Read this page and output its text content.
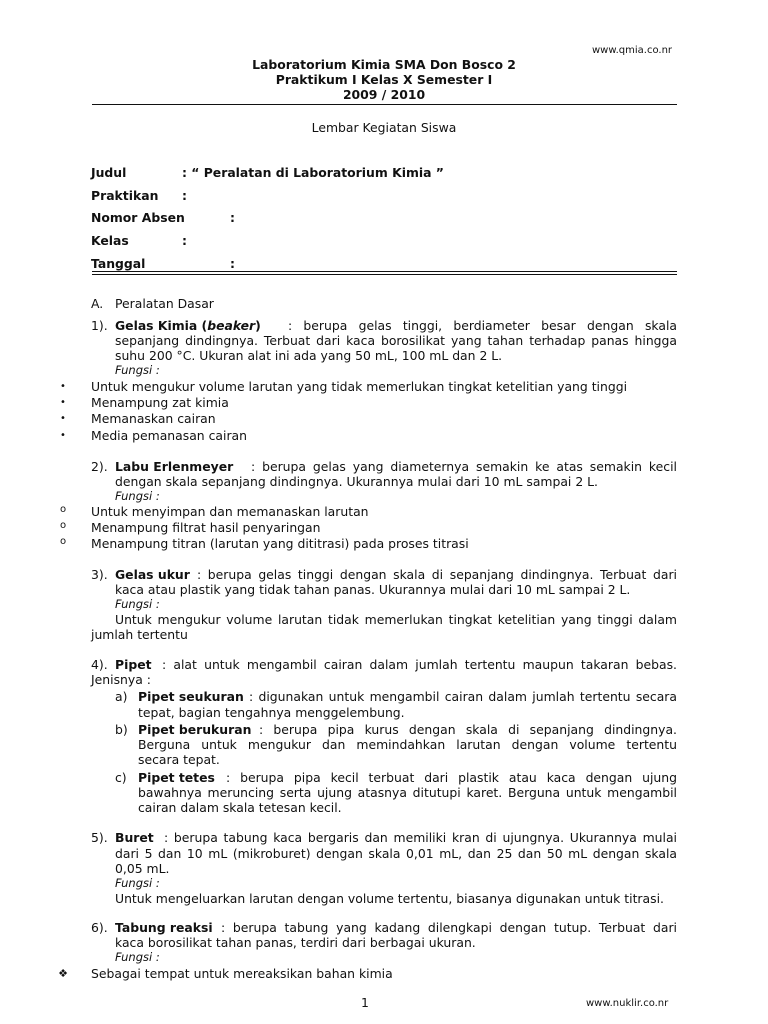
www.qmia.co.nr
Laboratorium Kimia SMA Don Bosco 2
Praktikum I Kelas X Semester I
2009 / 2010
Lembar Kegiatan Siswa
Judul	: “ Peralatan di Laboratorium Kimia ”
Praktikan :
Nomor Absen	:
Kelas	:
Tanggal	:
A. Peralatan Dasar
1). Gelas Kimia (beaker) : berupa gelas tinggi, berdiameter besar dengan skala
sepanjang dindingnya. Terbuat dari kaca borosilikat yang tahan terhadap panas hingga
suhu 200 °C. Ukuran alat ini ada yang 50 mL, 100 mL dan 2 L.
Fungsi :
• Untuk mengukur volume larutan yang tidak memerlukan tingkat ketelitian yang tinggi
• Menampung zat kimia
• Memanaskan cairan
• Media pemanasan cairan
2). Labu Erlenmeyer : berupa gelas yang diameternya semakin ke atas semakin kecil
dengan skala sepanjang dindingnya. Ukurannya mulai dari 10 mL sampai 2 L.
Fungsi :
o Untuk menyimpan dan memanaskan larutan
o Menampung filtrat hasil penyaringan
o Menampung titran (larutan yang dititrasi) pada proses titrasi
3). Gelas ukur : berupa gelas tinggi dengan skala di sepanjang dindingnya. Terbuat dari
kaca atau plastik yang tidak tahan panas. Ukurannya mulai dari 10 mL sampai 2 L.
Fungsi :
Untuk mengukur volume larutan tidak memerlukan tingkat ketelitian yang tinggi dalam
jumlah tertentu
4). Pipet : alat untuk mengambil cairan dalam jumlah tertentu maupun takaran bebas.
Jenisnya :
a) Pipet seukuran : digunakan untuk mengambil cairan dalam jumlah tertentu secara
tepat, bagian tengahnya menggelembung.
b) Pipet berukuran : berupa pipa kurus dengan skala di sepanjang dindingnya.
Berguna untuk mengukur dan memindahkan larutan dengan volume tertentu
secara tepat.
c) Pipet tetes : berupa pipa kecil terbuat dari plastik atau kaca dengan ujung
bawahnya meruncing serta ujung atasnya ditutupi karet. Berguna untuk mengambil
cairan dalam skala tetesan kecil.
5). Buret : berupa tabung kaca bergaris dan memiliki kran di ujungnya. Ukurannya mulai
dari 5 dan 10 mL (mikroburet) dengan skala 0,01 mL, dan 25 dan 50 mL dengan skala
0,05 mL.
Fungsi :
Untuk mengeluarkan larutan dengan volume tertentu, biasanya digunakan untuk titrasi.
6). Tabung reaksi : berupa tabung yang kadang dilengkapi dengan tutup. Terbuat dari
kaca borosilikat tahan panas, terdiri dari berbagai ukuran.
Fungsi :
❖ Sebagai tempat untuk mereaksikan bahan kimia
1	www.nuklir.co.nr
